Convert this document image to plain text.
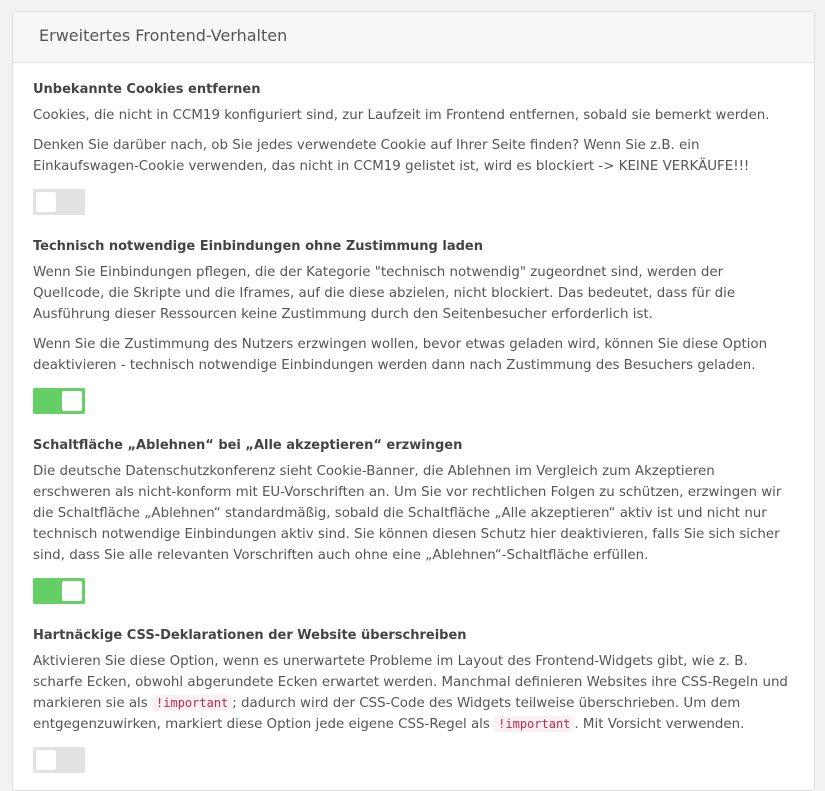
Erweitertes Frontend-Verhalten
Unbekannte Cookies entfernen

Cookies, die nicht in CCM19 konfiguriert sind, zur Laufzeit im Frontend entfernen, sobald sie bemerkt werden.

Denken Sie darüber nach, ob Sie jedes verwendete Cookie auf Ihrer Seite finden? Wenn Sie z.B. ein Einkaufswagen-Cookie verwenden, das nicht in CCM19 gelistet ist, wird es blockiert -> KEINE VERKÄUFE!!!

Technisch notwendige Einbindungen ohne Zustimmung laden

Wenn Sie Einbindungen pflegen, die der Kategorie "technisch notwendig" zugeordnet sind, werden der Quellcode, die Skripte und die Iframes, auf die diese abzielen, nicht blockiert. Das bedeutet, dass für die Ausführung dieser Ressourcen keine Zustimmung durch den Seitenbesucher erforderlich ist.

Wenn Sie die Zustimmung des Nutzers erzwingen wollen, bevor etwas geladen wird, können Sie diese Option deaktivieren - technisch notwendige Einbindungen werden dann nach Zustimmung des Besuchers geladen.

Schaltfläche „Ablehnen“ bei „Alle akzeptieren“ erzwingen

Die deutsche Datenschutzkonferenz sieht Cookie-Banner, die Ablehnen im Vergleich zum Akzeptieren erschweren als nicht-konform mit EU-Vorschriften an. Um Sie vor rechtlichen Folgen zu schützen, erzwingen wir die Schaltfläche „Ablehnen“ standardmäßig, sobald die Schaltfläche „Alle akzeptieren“ aktiv ist und nicht nur technisch notwendige Einbindungen aktiv sind. Sie können diesen Schutz hier deaktivieren, falls Sie sich sicher sind, dass Sie alle relevanten Vorschriften auch ohne eine „Ablehnen“-Schaltfläche erfüllen.

Hartnäckige CSS-Deklarationen der Website überschreiben

Aktivieren Sie diese Option, wenn es unerwartete Probleme im Layout des Frontend-Widgets gibt, wie z. B. scharfe Ecken, obwohl abgerundete Ecken erwartet werden. Manchmal definieren Websites ihre CSS-Regeln und markieren sie als !important ; dadurch wird der CSS-Code des Widgets teilweise überschrieben. Um dem entgegenzuwirken, markiert diese Option jede eigene CSS-Regel als !important . Mit Vorsicht verwenden.
